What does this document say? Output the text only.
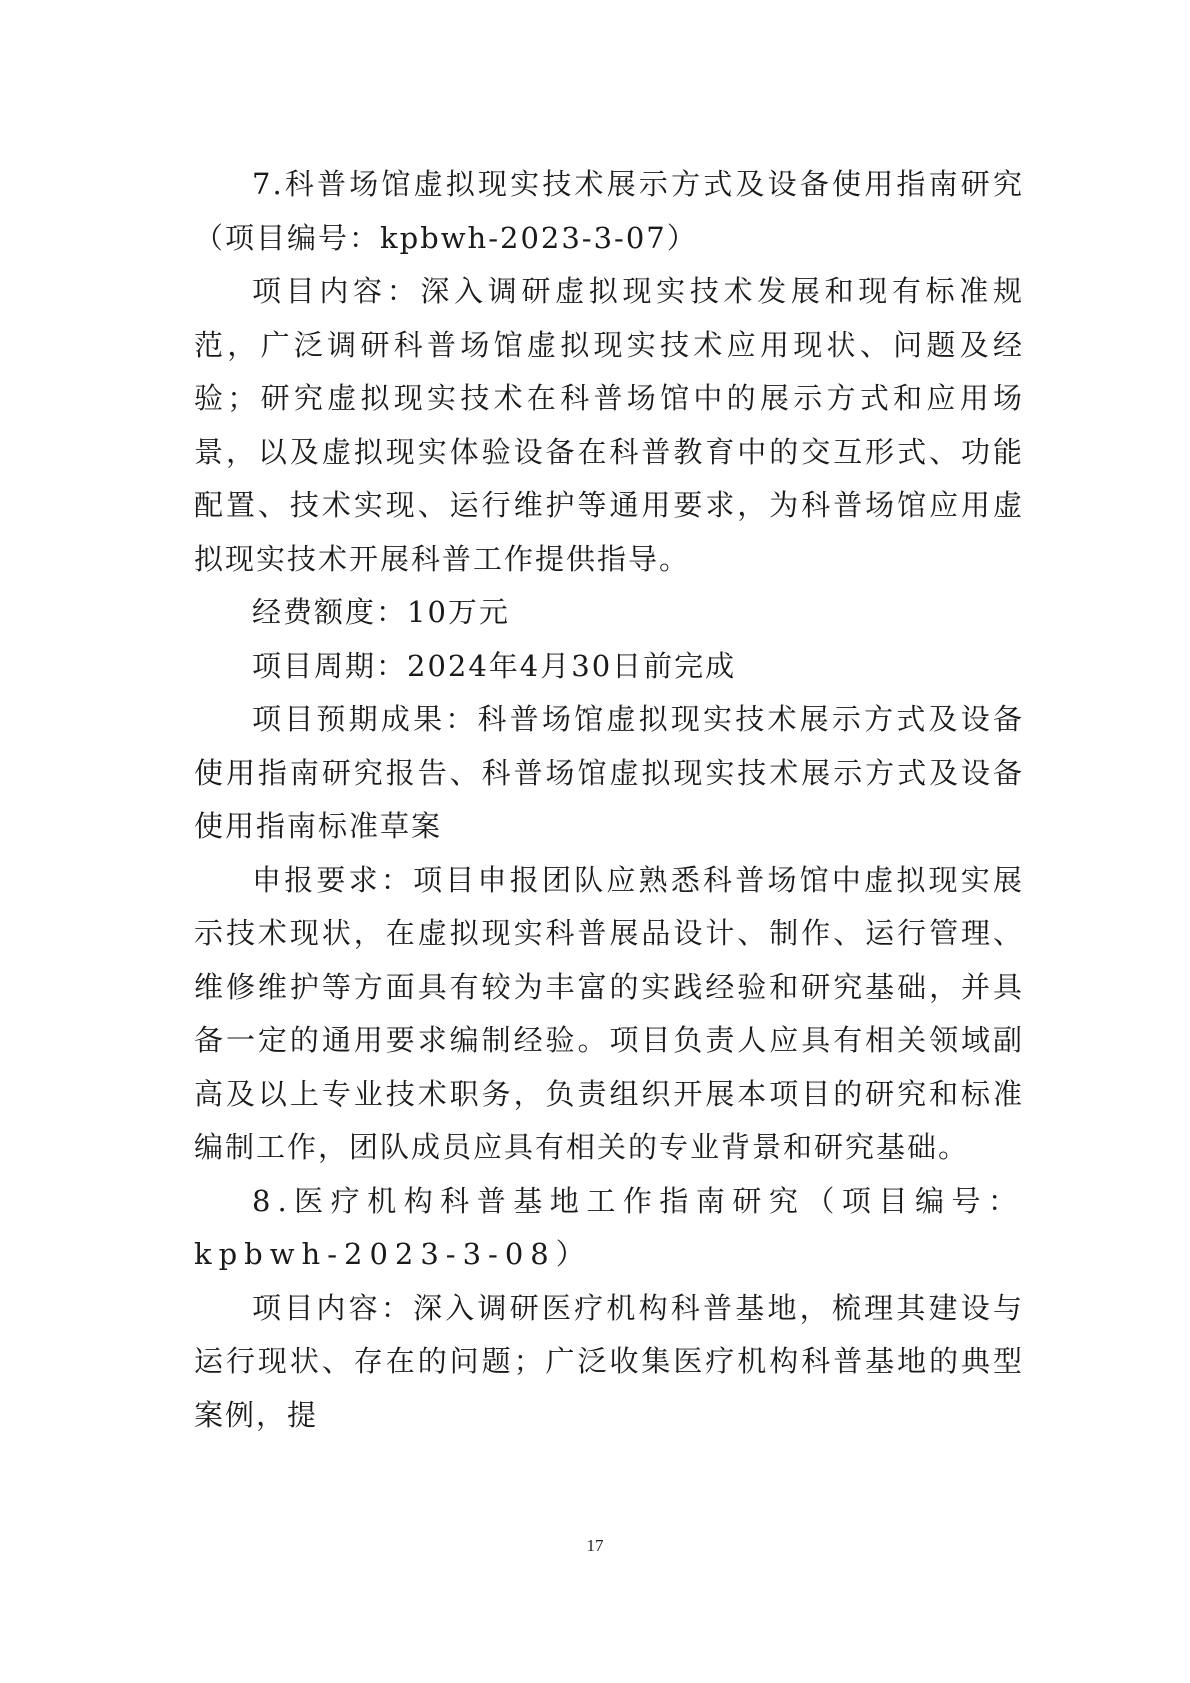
7.科普场馆虚拟现实技术展示方式及设备使用指南研究（项目编号：kpbwh-2023-3-07）

项目内容：深入调研虚拟现实技术发展和现有标准规范，广泛调研科普场馆虚拟现实技术应用现状、问题及经验；研究虚拟现实技术在科普场馆中的展示方式和应用场景，以及虚拟现实体验设备在科普教育中的交互形式、功能配置、技术实现、运行维护等通用要求，为科普场馆应用虚拟现实技术开展科普工作提供指导。

经费额度：10万元

项目周期：2024年4月30日前完成

项目预期成果：科普场馆虚拟现实技术展示方式及设备使用指南研究报告、科普场馆虚拟现实技术展示方式及设备使用指南标准草案

申报要求：项目申报团队应熟悉科普场馆中虚拟现实展示技术现状，在虚拟现实科普展品设计、制作、运行管理、维修维护等方面具有较为丰富的实践经验和研究基础，并具备一定的通用要求编制经验。项目负责人应具有相关领域副高及以上专业技术职务，负责组织开展本项目的研究和标准编制工作，团队成员应具有相关的专业背景和研究基础。

8.医疗机构科普基地工作指南研究（项目编号：kpbwh-2023-3-08）

项目内容：深入调研医疗机构科普基地，梳理其建设与运行现状、存在的问题；广泛收集医疗机构科普基地的典型案例，提

17
